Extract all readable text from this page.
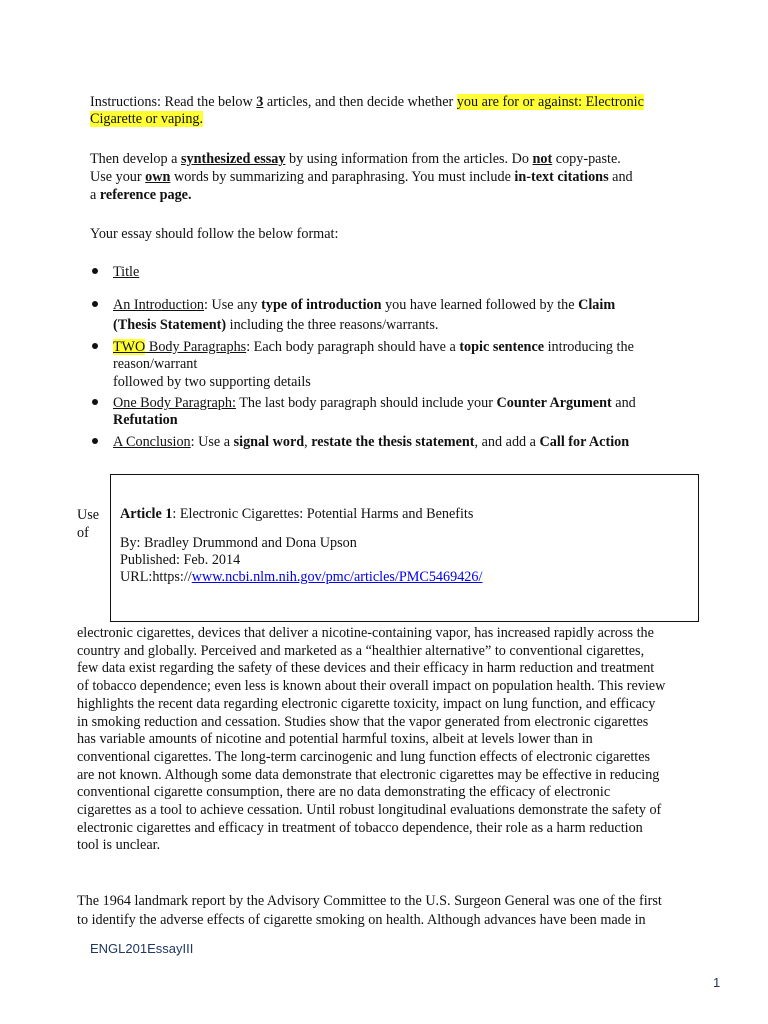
Instructions: Read the below 3 articles, and then decide whether you are for or against: Electronic
Cigarette or vaping.
Then develop a synthesized essay by using information from the articles. Do not copy-paste.
Use your own words by summarizing and paraphrasing. You must include in-text citations and
a reference page.
Your essay should follow the below format:
Title
An Introduction: Use any type of introduction you have learned followed by the Claim
(Thesis Statement) including the three reasons/warrants.
TWO Body Paragraphs: Each body paragraph should have a topic sentence introducing the
reason/warrant
followed by two supporting details
One Body Paragraph: The last body paragraph should include your Counter Argument and
Refutation
A Conclusion: Use a signal word, restate the thesis statement, and add a Call for Action
Use
of
Article 1: Electronic Cigarettes: Potential Harms and Benefits
By: Bradley Drummond and Dona Upson
Published: Feb. 2014
URL:https://www.ncbi.nlm.nih.gov/pmc/articles/PMC5469426/
electronic cigarettes, devices that deliver a nicotine-containing vapor, has increased rapidly across the
country and globally. Perceived and marketed as a “healthier alternative” to conventional cigarettes,
few data exist regarding the safety of these devices and their efficacy in harm reduction and treatment
of tobacco dependence; even less is known about their overall impact on population health. This review
highlights the recent data regarding electronic cigarette toxicity, impact on lung function, and efficacy
in smoking reduction and cessation. Studies show that the vapor generated from electronic cigarettes
has variable amounts of nicotine and potential harmful toxins, albeit at levels lower than in
conventional cigarettes. The long-term carcinogenic and lung function effects of electronic cigarettes
are not known. Although some data demonstrate that electronic cigarettes may be effective in reducing
conventional cigarette consumption, there are no data demonstrating the efficacy of electronic
cigarettes as a tool to achieve cessation. Until robust longitudinal evaluations demonstrate the safety of
electronic cigarettes and efficacy in treatment of tobacco dependence, their role as a harm reduction
tool is unclear.
The 1964 landmark report by the Advisory Committee to the U.S. Surgeon General was one of the first
to identify the adverse effects of cigarette smoking on health. Although advances have been made in
ENGL201EssayIII
1
